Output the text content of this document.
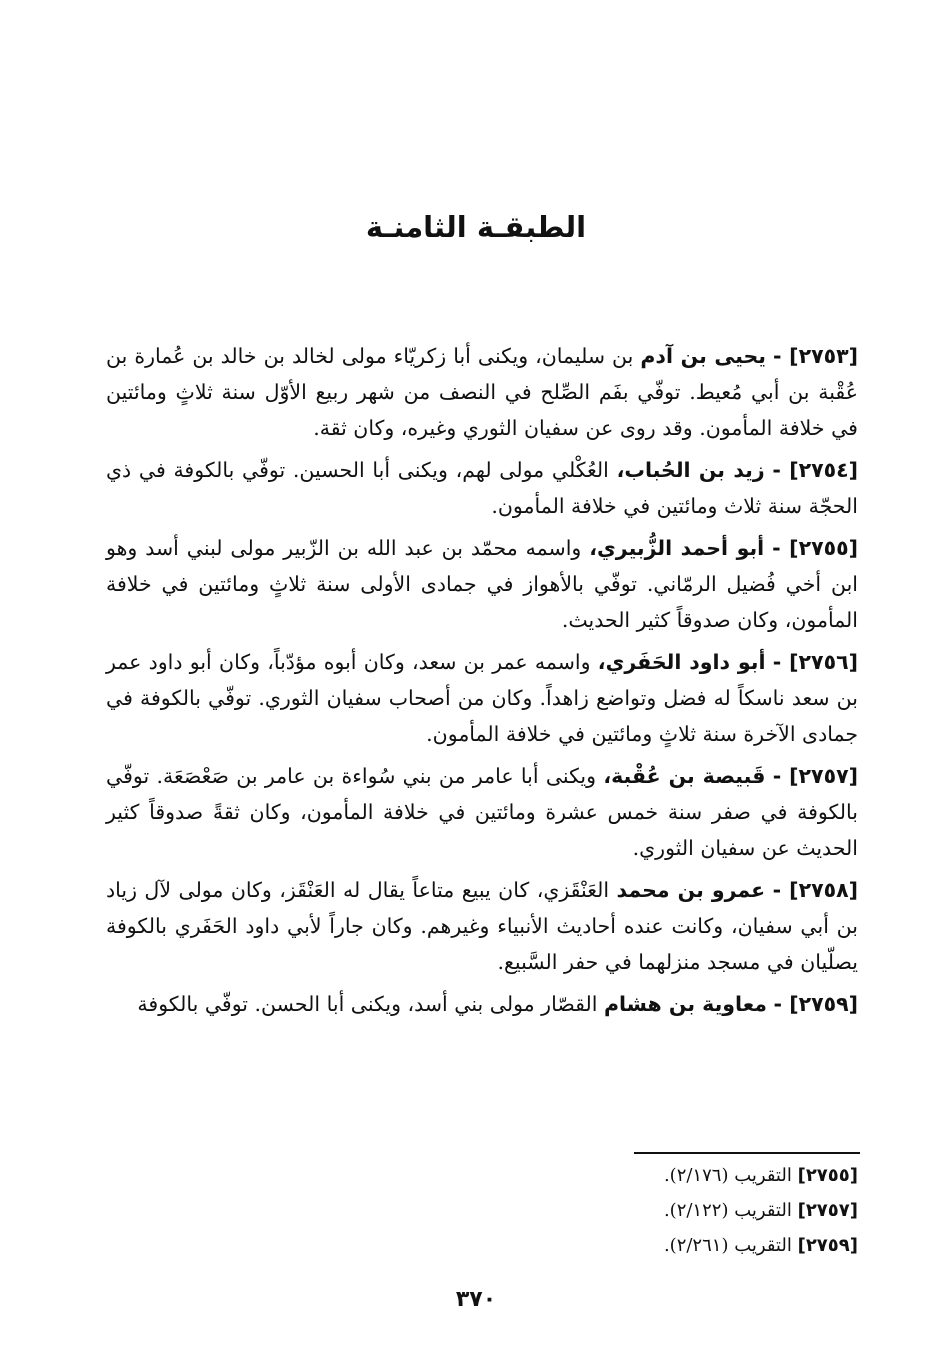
الطبقـة الثامنـة

[٢٧٥٣] - يحيى بن آدم بن سليمان، ويكنى أبا زكريّاء مولى لخالد بن خالد بن عُمارة بن عُقْبة بن أبي مُعيط. توفّي بفَم الصِّلح في النصف من شهر ربيع الأوّل سنة ثلاثٍ ومائتين في خلافة المأمون. وقد روى عن سفيان الثوري وغيره، وكان ثقة.

[٢٧٥٤] - زيد بن الحُباب، العُكْلي مولى لهم، ويكنى أبا الحسين. توفّي بالكوفة في ذي الحجّة سنة ثلاث ومائتين في خلافة المأمون.

[٢٧٥٥] - أبو أحمد الزُّبيري، واسمه محمّد بن عبد الله بن الزّبير مولى لبني أسد وهو ابن أخي فُضيل الرمّاني. توفّي بالأهواز في جمادى الأولى سنة ثلاثٍ ومائتين في خلافة المأمون، وكان صدوقاً كثير الحديث.

[٢٧٥٦] - أبو داود الحَفَري، واسمه عمر بن سعد، وكان أبوه مؤدّباً، وكان أبو داود عمر بن سعد ناسكاً له فضل وتواضع زاهداً. وكان من أصحاب سفيان الثوري. توفّي بالكوفة في جمادى الآخرة سنة ثلاثٍ ومائتين في خلافة المأمون.

[٢٧٥٧] - قَبيصة بن عُقْبة، ويكنى أبا عامر من بني سُواءة بن عامر بن صَعْصَعَة. توفّي بالكوفة في صفر سنة خمس عشرة ومائتين في خلافة المأمون، وكان ثقةً صدوقاً كثير الحديث عن سفيان الثوري.

[٢٧٥٨] - عمرو بن محمد العَنْقَزي، كان يبيع متاعاً يقال له العَنْقَز، وكان مولى لآل زياد بن أبي سفيان، وكانت عنده أحاديث الأنبياء وغيرهم. وكان جاراً لأبي داود الحَفَري بالكوفة يصلّيان في مسجد منزلهما في حفر السَّبيع.

[٢٧٥٩] - معاوية بن هشام القصّار مولى بني أسد، ويكنى أبا الحسن. توفّي بالكوفة

[٢٧٥٥] التقريب (٢/١٧٦).
[٢٧٥٧] التقريب (٢/١٢٢).
[٢٧٥٩] التقريب (٢/٢٦١).
٣٧٠
